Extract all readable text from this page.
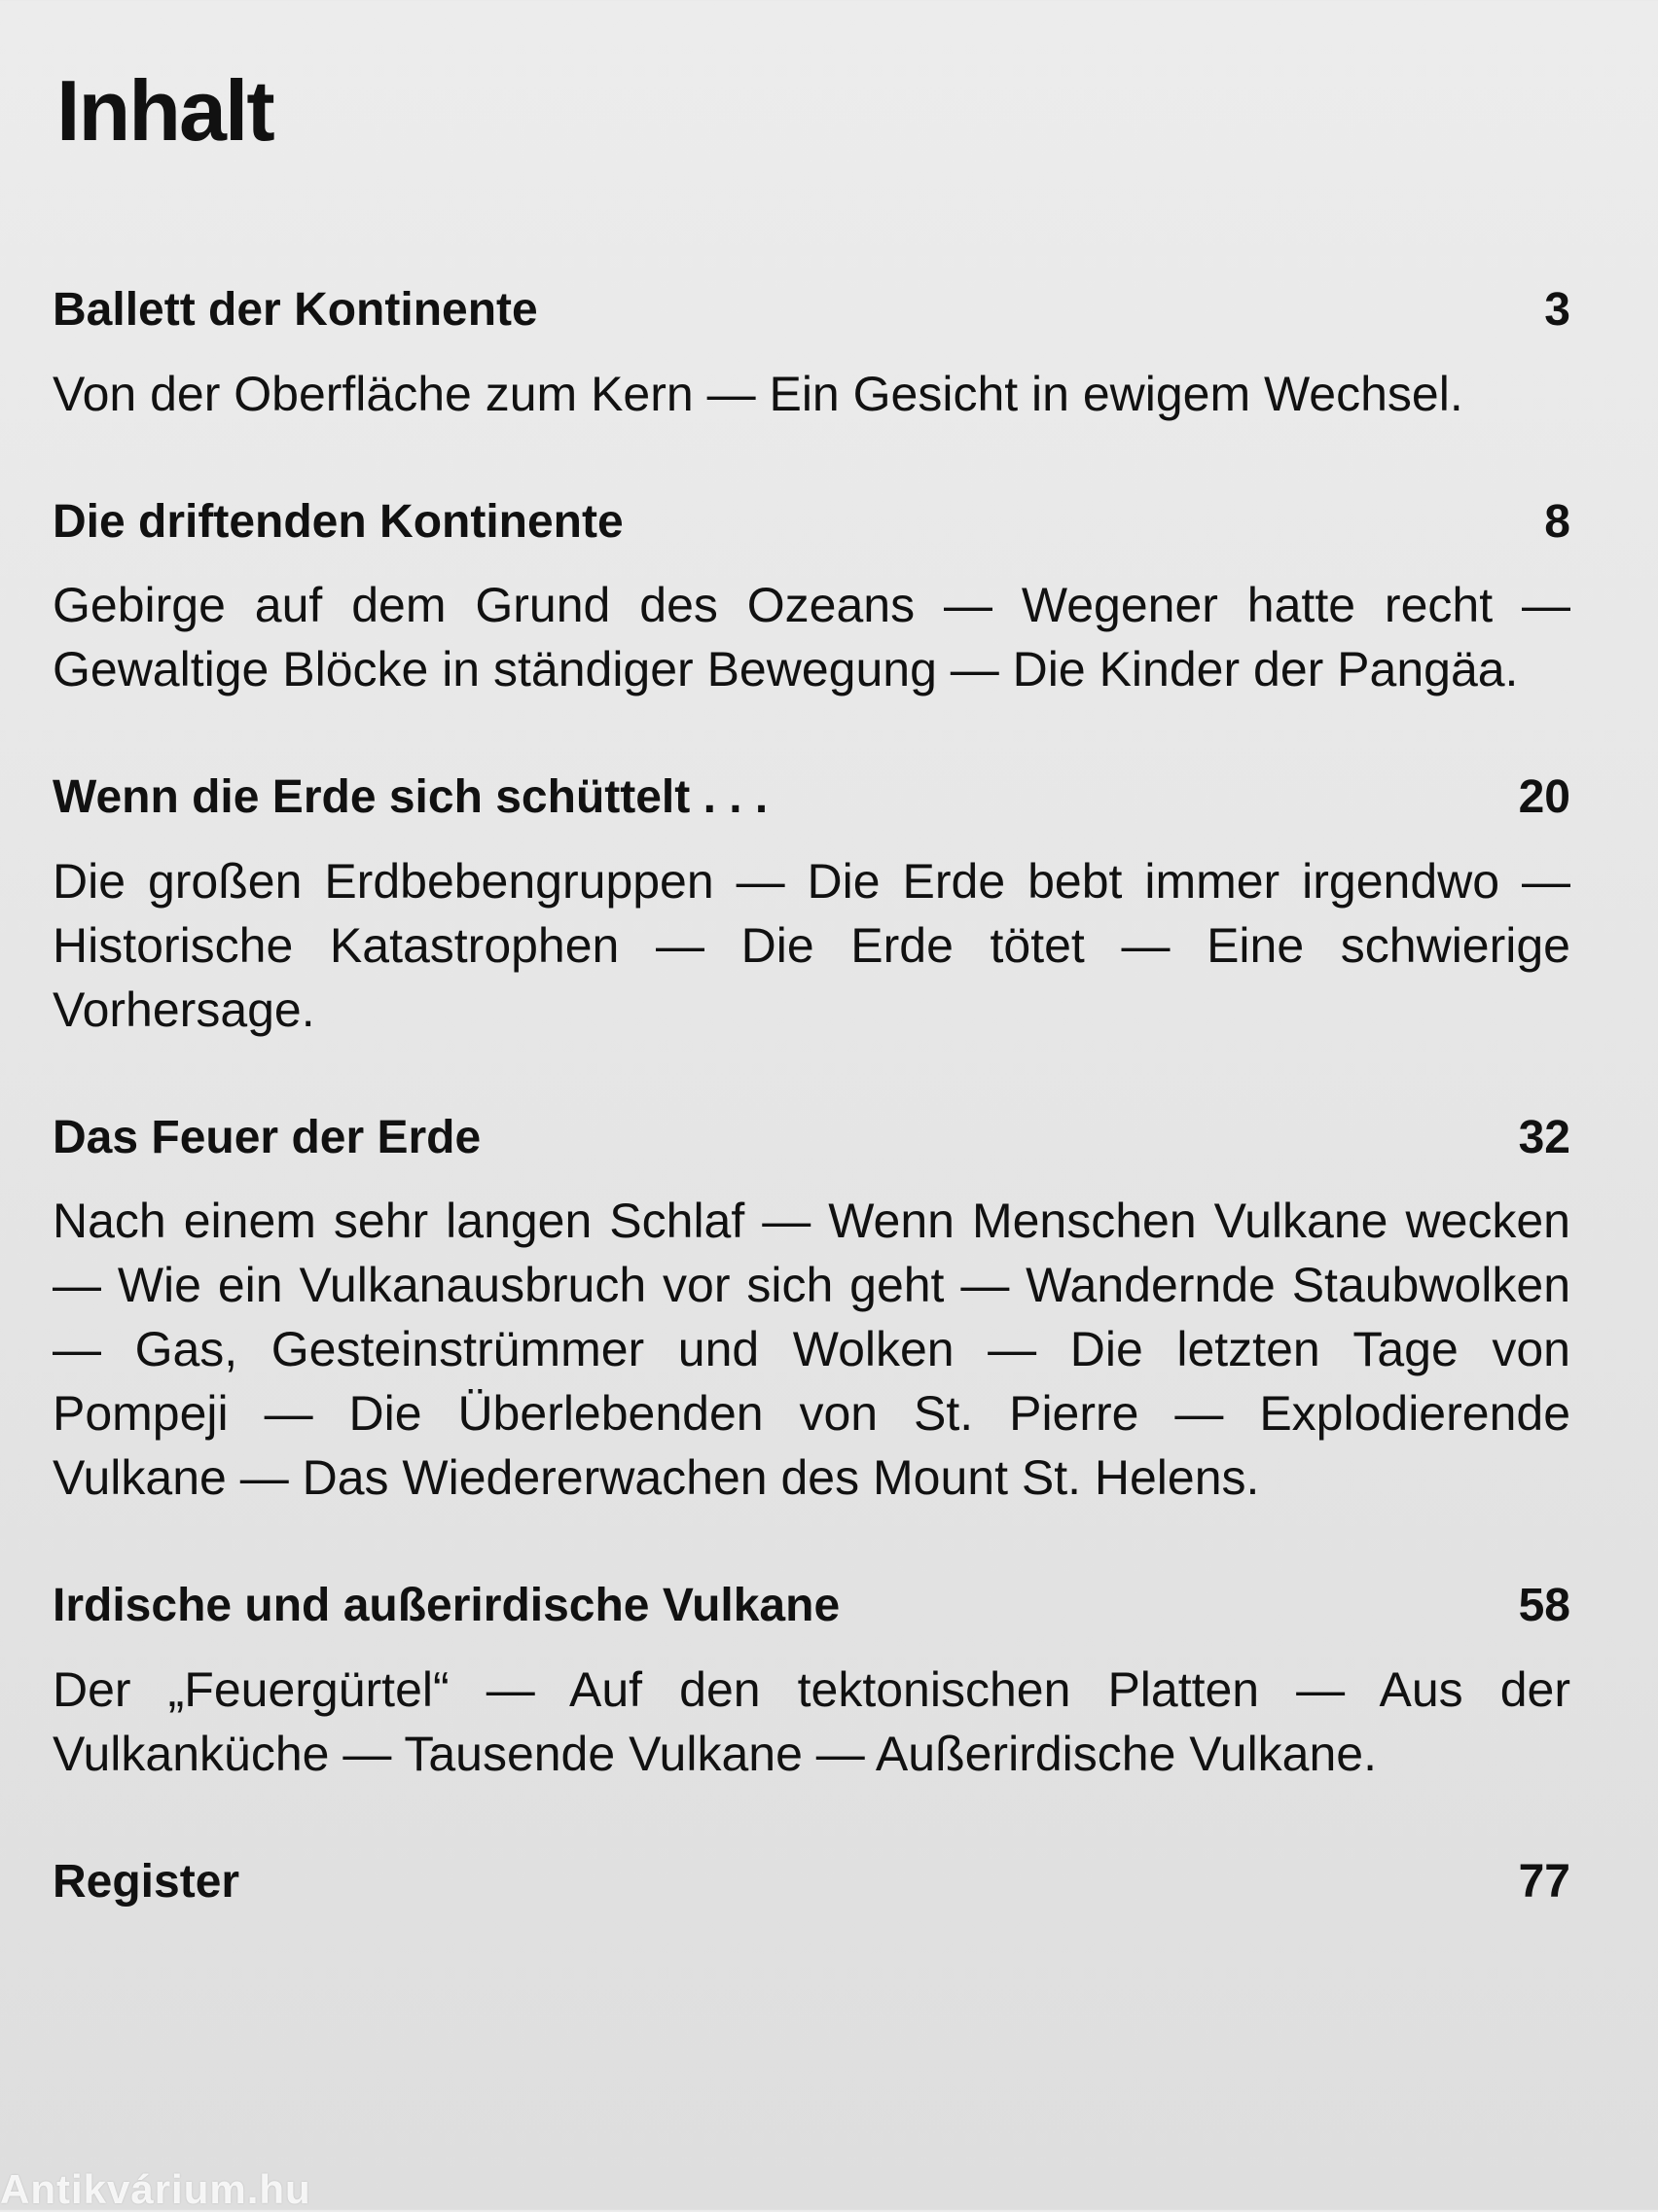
Inhalt
Ballett der Kontinente	3

Von der Oberfläche zum Kern — Ein Gesicht in ewigem Wechsel.

Die driftenden Kontinente	8

Gebirge auf dem Grund des Ozeans — Wegener hatte recht — Gewaltige Blöcke in ständiger Bewegung — Die Kinder der Pangäa.

Wenn die Erde sich schüttelt . . .	20

Die großen Erdbebengruppen — Die Erde bebt immer irgendwo — Historische Katastrophen — Die Erde tötet — Eine schwierige Vorhersage.

Das Feuer der Erde	32

Nach einem sehr langen Schlaf — Wenn Menschen Vulkane wecken — Wie ein Vulkanausbruch vor sich geht — Wandernde Staubwolken — Gas, Gesteinstrümmer und Wolken — Die letzten Tage von Pompeji — Die Überlebenden von St. Pierre — Explodierende Vulkane — Das Wiedererwachen des Mount St. Helens.

Irdische und außerirdische Vulkane	58

Der „Feuergürtel“ — Auf den tektonischen Platten — Aus der Vulkanküche — Tausende Vulkane — Außerirdische Vulkane.

Register	77
Antikvárium.hu
